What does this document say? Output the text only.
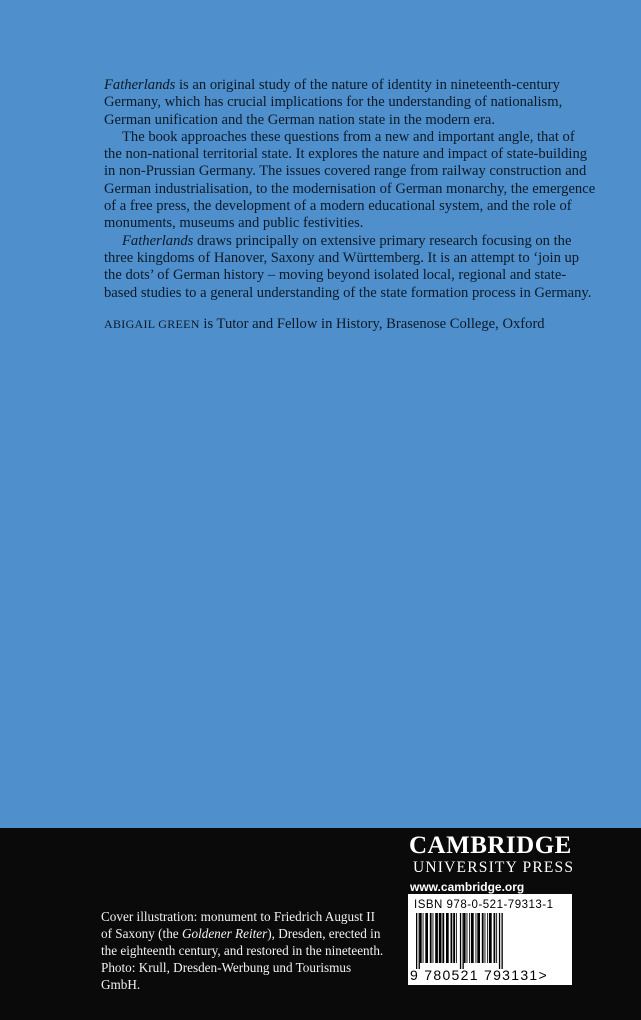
Fatherlands is an original study of the nature of identity in nineteenth-century Germany, which has crucial implications for the understanding of nationalism, German unification and the German nation state in the modern era.

The book approaches these questions from a new and important angle, that of the non-national territorial state. It explores the nature and impact of state-building in non-Prussian Germany. The issues covered range from railway construction and German industrialisation, to the modernisation of German monarchy, the emergence of a free press, the development of a modern educational system, and the role of monuments, museums and public festivities.

Fatherlands draws principally on extensive primary research focusing on the three kingdoms of Hanover, Saxony and Württemberg. It is an attempt to ‘join up the dots’ of German history – moving beyond isolated local, regional and state-based studies to a general understanding of the state formation process in Germany.

ABIGAIL GREEN is Tutor and Fellow in History, Brasenose College, Oxford

Cover illustration: monument to Friedrich August II of Saxony (the Goldener Reiter), Dresden, erected in the eighteenth century, and restored in the nineteenth. Photo: Krull, Dresden-Werbung und Tourismus GmbH.
CAMBRIDGE
UNIVERSITY PRESS
www.cambridge.org
ISBN 978-0-521-79313-1
9 780521 793131>
